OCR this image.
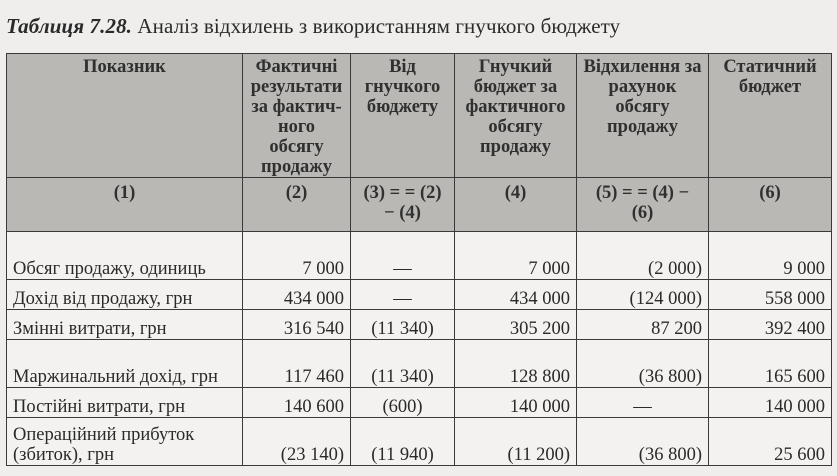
Таблиця 7.28. Аналіз відхилень з використанням гнучкого бюджету
Показник	Фактичні результати за фактич-ного обсягу продажу	Від гнучкого бюджету	Гнучкий бюджет за фактичного обсягу продажу	Відхилення за рахунок обсягу продажу	Статичний бюджет
(1)	(2)	(3) = = (2) − (4)	(4)	(5) = = (4) − (6)	(6)
Обсяг продажу, одиниць	7 000	—	7 000	(2 000)	9 000
Дохід від продажу, грн	434 000	—	434 000	(124 000)	558 000
Змінні витрати, грн	316 540	(11 340)	305 200	87 200	392 400
Маржинальний дохід, грн	117 460	(11 340)	128 800	(36 800)	165 600
Постійні витрати, грн	140 600	(600)	140 000	—	140 000
Операційний прибуток (збиток), грн	(23 140)	(11 940)	(11 200)	(36 800)	25 600
